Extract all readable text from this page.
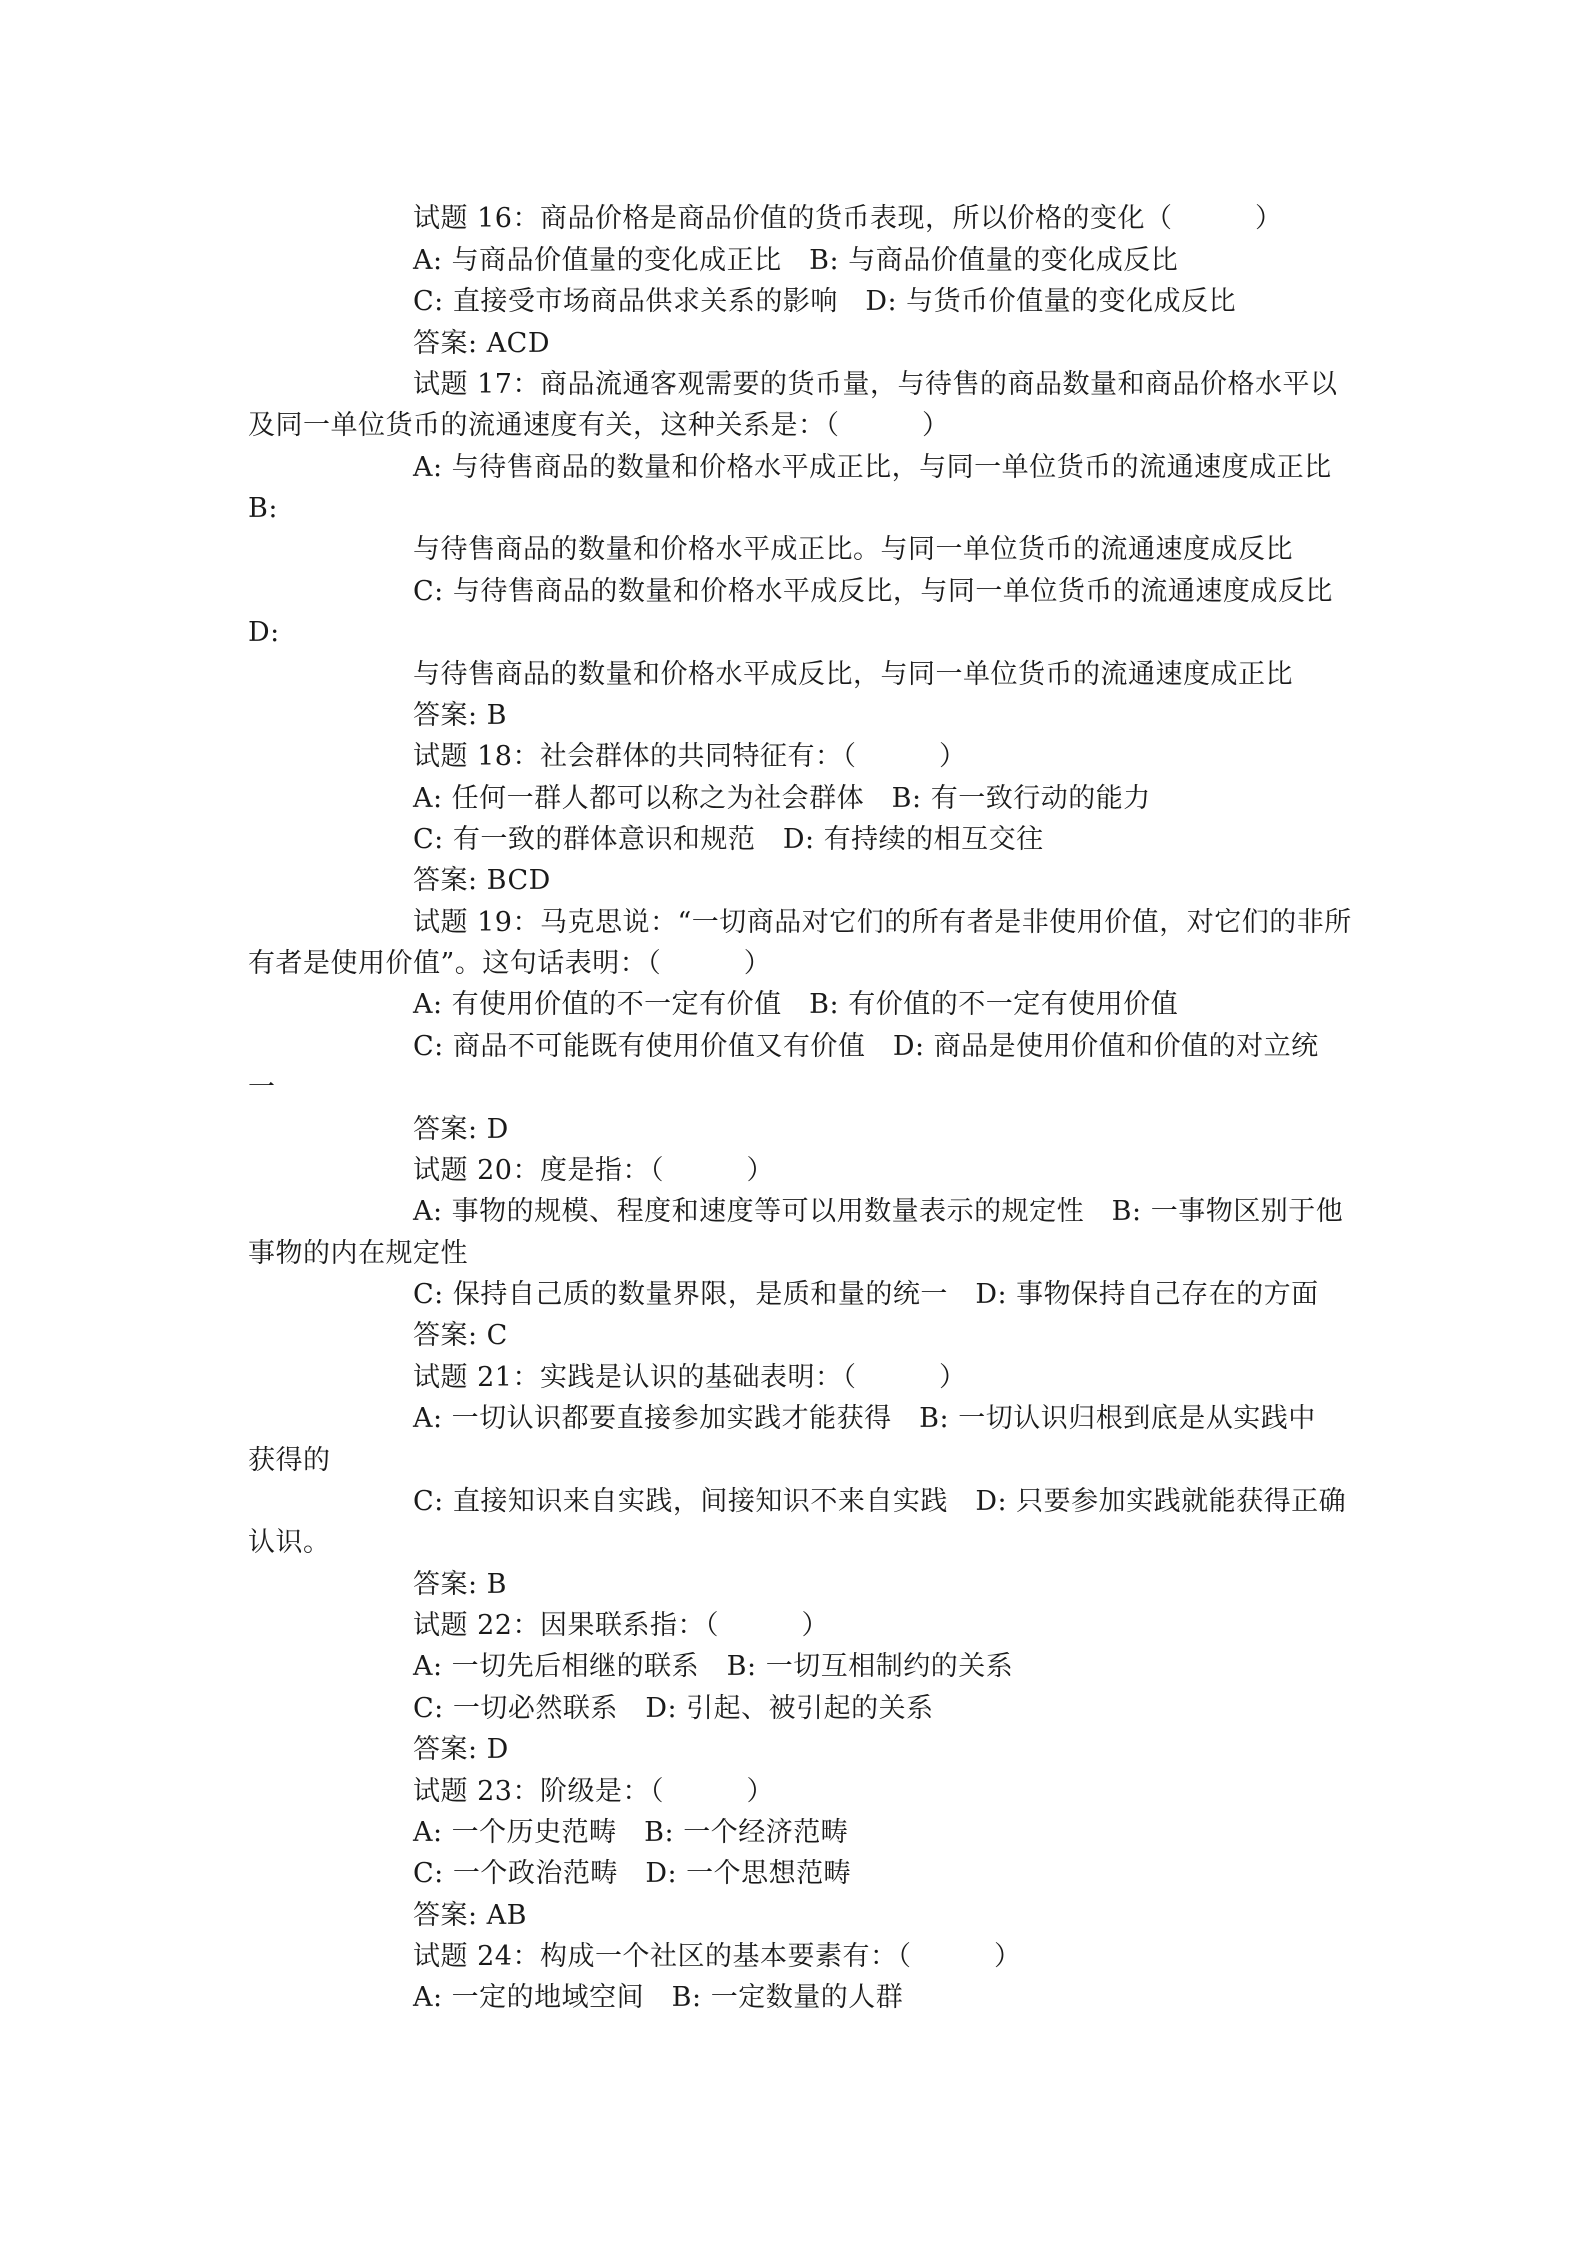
试题 16：商品价格是商品价值的货币表现，所以价格的变化（　　　）
A: 与商品价值量的变化成正比　B: 与商品价值量的变化成反比
C: 直接受市场商品供求关系的影响　D: 与货币价值量的变化成反比
答案: ACD
试题 17：商品流通客观需要的货币量，与待售的商品数量和商品价格水平以
及同一单位货币的流通速度有关，这种关系是：（　　　）
A: 与待售商品的数量和价格水平成正比，与同一单位货币的流通速度成正比
B:
与待售商品的数量和价格水平成正比。与同一单位货币的流通速度成反比
C: 与待售商品的数量和价格水平成反比，与同一单位货币的流通速度成反比
D:
与待售商品的数量和价格水平成反比，与同一单位货币的流通速度成正比
答案: B
试题 18：社会群体的共同特征有：（　　　）
A: 任何一群人都可以称之为社会群体　B: 有一致行动的能力
C: 有一致的群体意识和规范　D: 有持续的相互交往
答案: BCD
试题 19：马克思说：“一切商品对它们的所有者是非使用价值，对它们的非所
有者是使用价值”。这句话表明：（　　　）
A: 有使用价值的不一定有价值　B: 有价值的不一定有使用价值
C: 商品不可能既有使用价值又有价值　D: 商品是使用价值和价值的对立统
一
答案: D
试题 20：度是指：（　　　）
A: 事物的规模、程度和速度等可以用数量表示的规定性　B: 一事物区别于他
事物的内在规定性
C: 保持自己质的数量界限，是质和量的统一　D: 事物保持自己存在的方面
答案: C
试题 21：实践是认识的基础表明：（　　　）
A: 一切认识都要直接参加实践才能获得　B: 一切认识归根到底是从实践中
获得的
C: 直接知识来自实践，间接知识不来自实践　D: 只要参加实践就能获得正确
认识。
答案: B
试题 22：因果联系指：（　　　）
A: 一切先后相继的联系　B: 一切互相制约的关系
C: 一切必然联系　D: 引起、被引起的关系
答案: D
试题 23：阶级是：（　　　）
A: 一个历史范畴　B: 一个经济范畴
C: 一个政治范畴　D: 一个思想范畴
答案: AB
试题 24：构成一个社区的基本要素有：（　　　）
A: 一定的地域空间　B: 一定数量的人群
